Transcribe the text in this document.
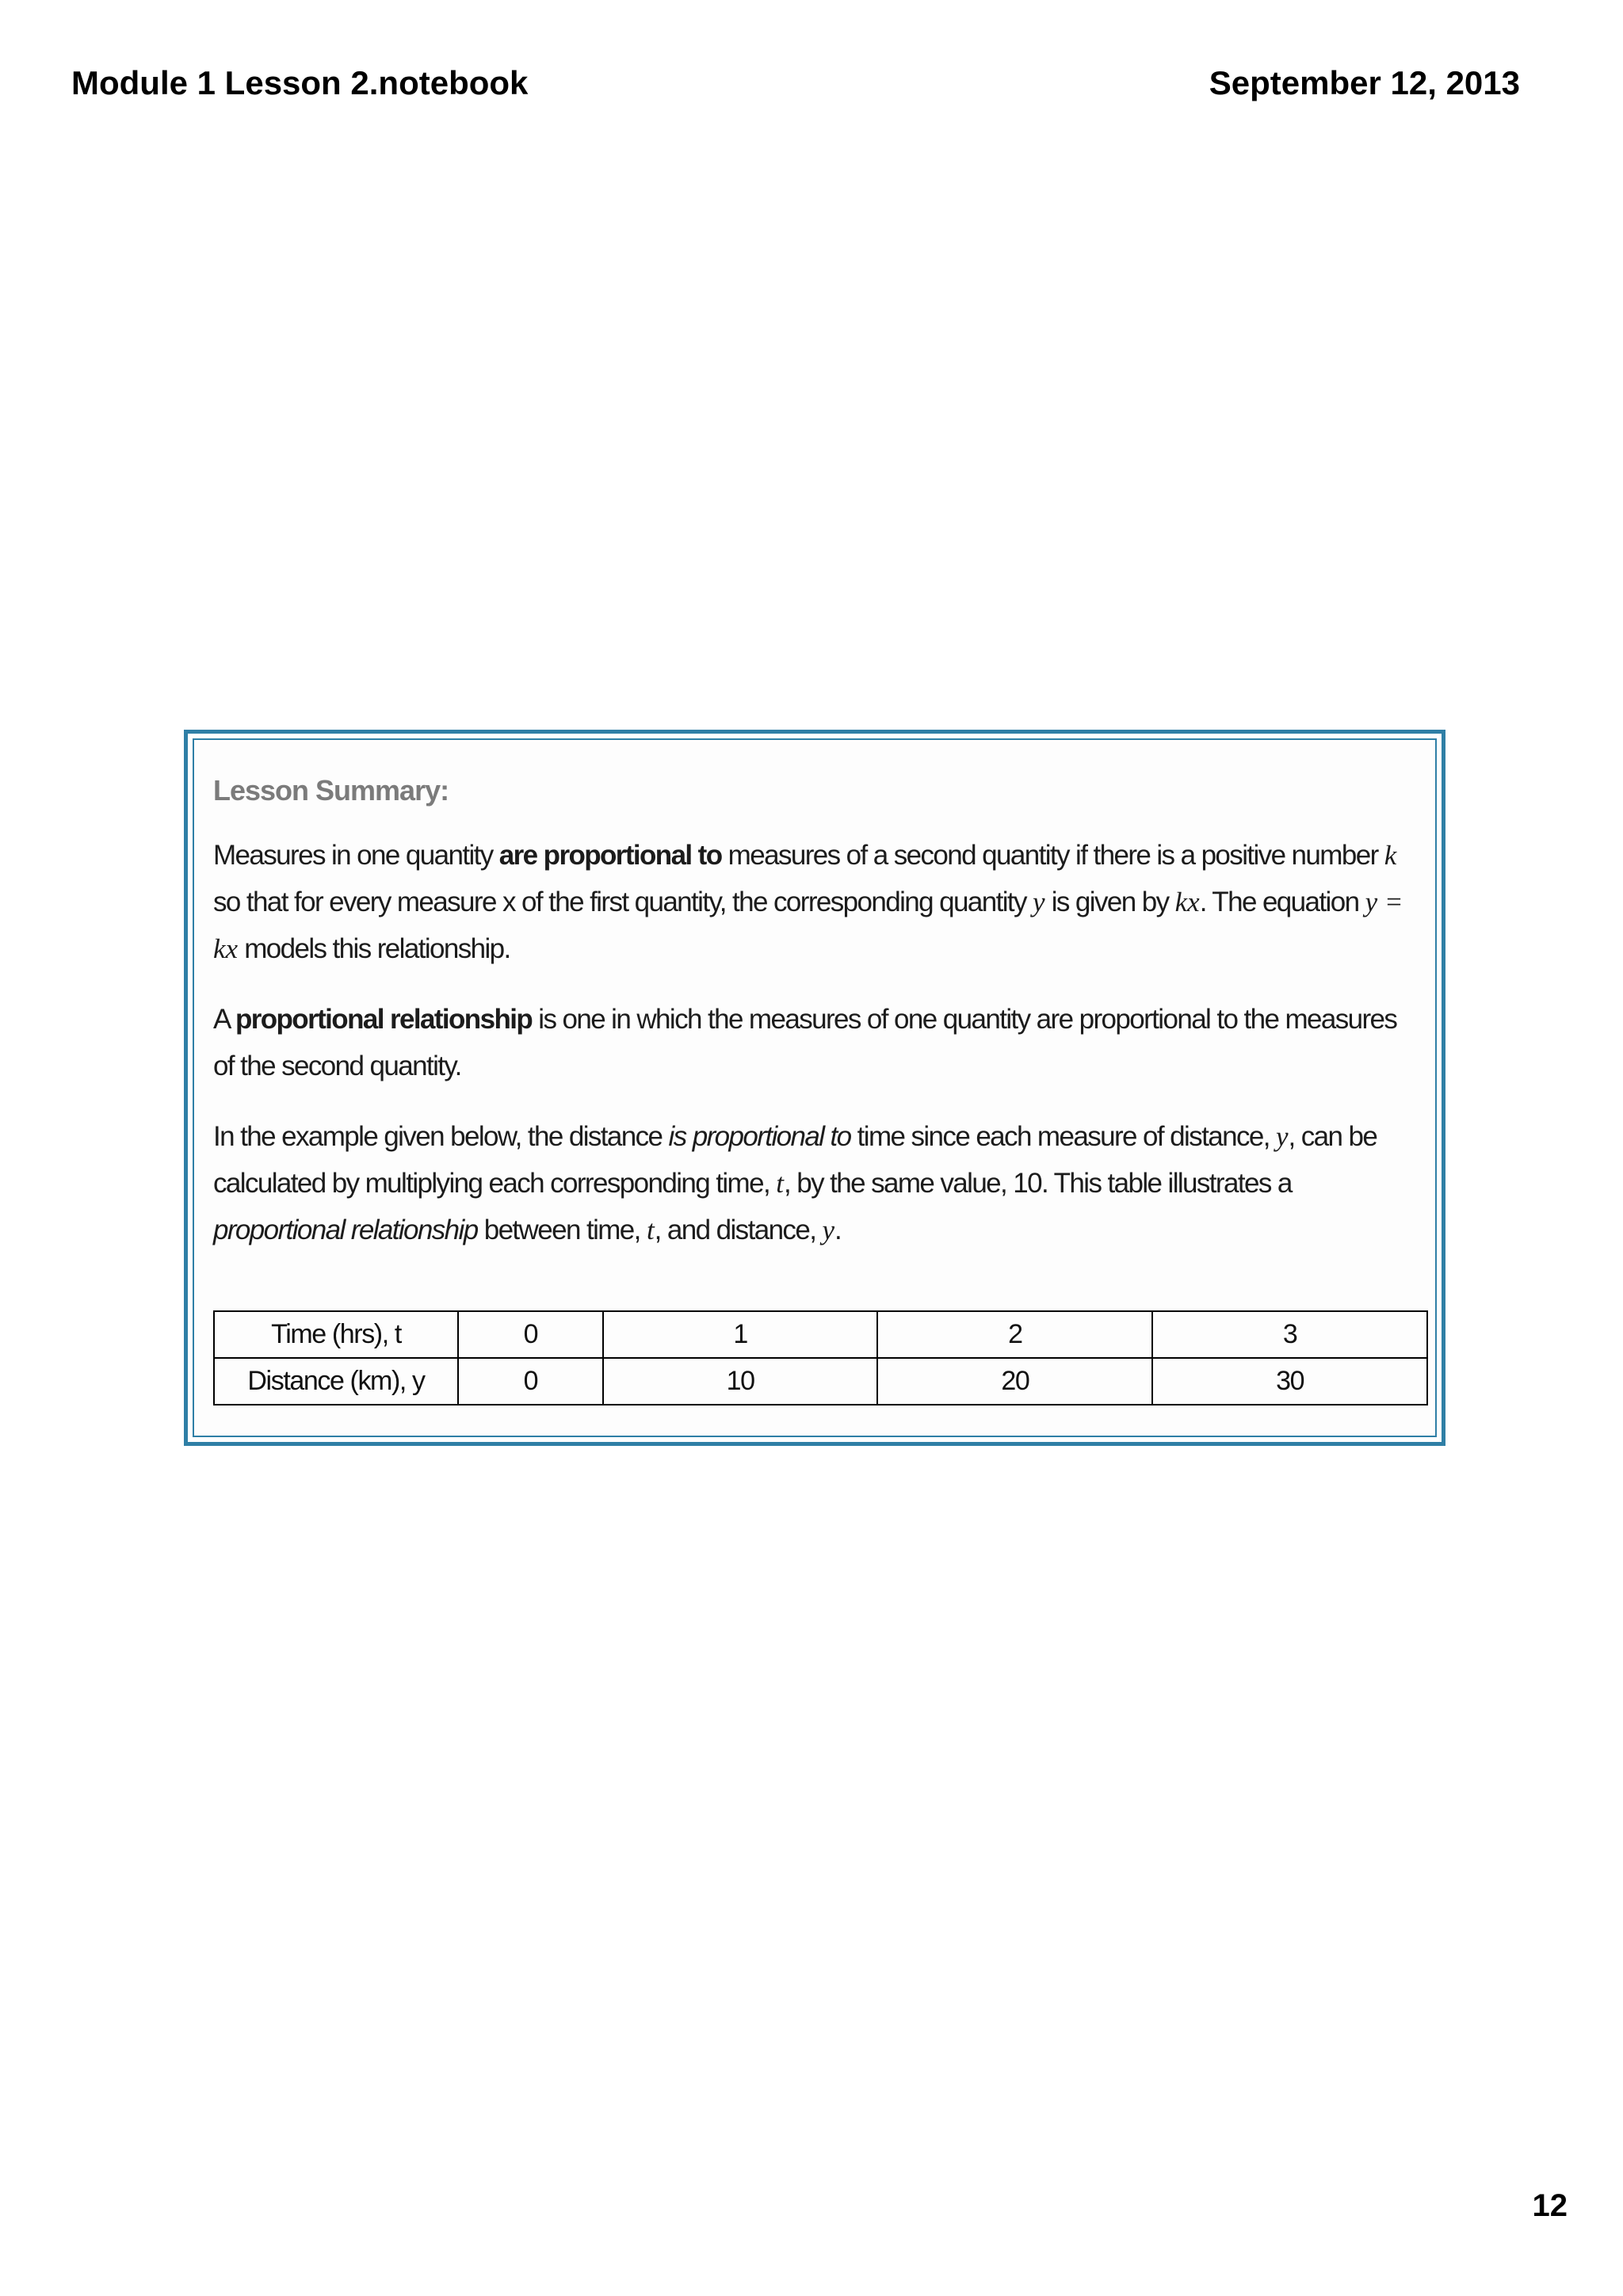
Module 1 Lesson 2.notebook	September 12, 2013
Lesson Summary:

Measures in one quantity are proportional to measures of a second quantity if there is a positive number k so that for every measure x of the first quantity, the corresponding quantity y is given by kx. The equation y = kx models this relationship.

A proportional relationship is one in which the measures of one quantity are proportional to the measures of the second quantity.

In the example given below, the distance is proportional to time since each measure of distance, y, can be calculated by multiplying each corresponding time, t, by the same value, 10. This table illustrates a proportional relationship between time, t, and distance, y.

Time (hrs), t	0	1	2	3
Distance (km), y	0	10	20	30
12
